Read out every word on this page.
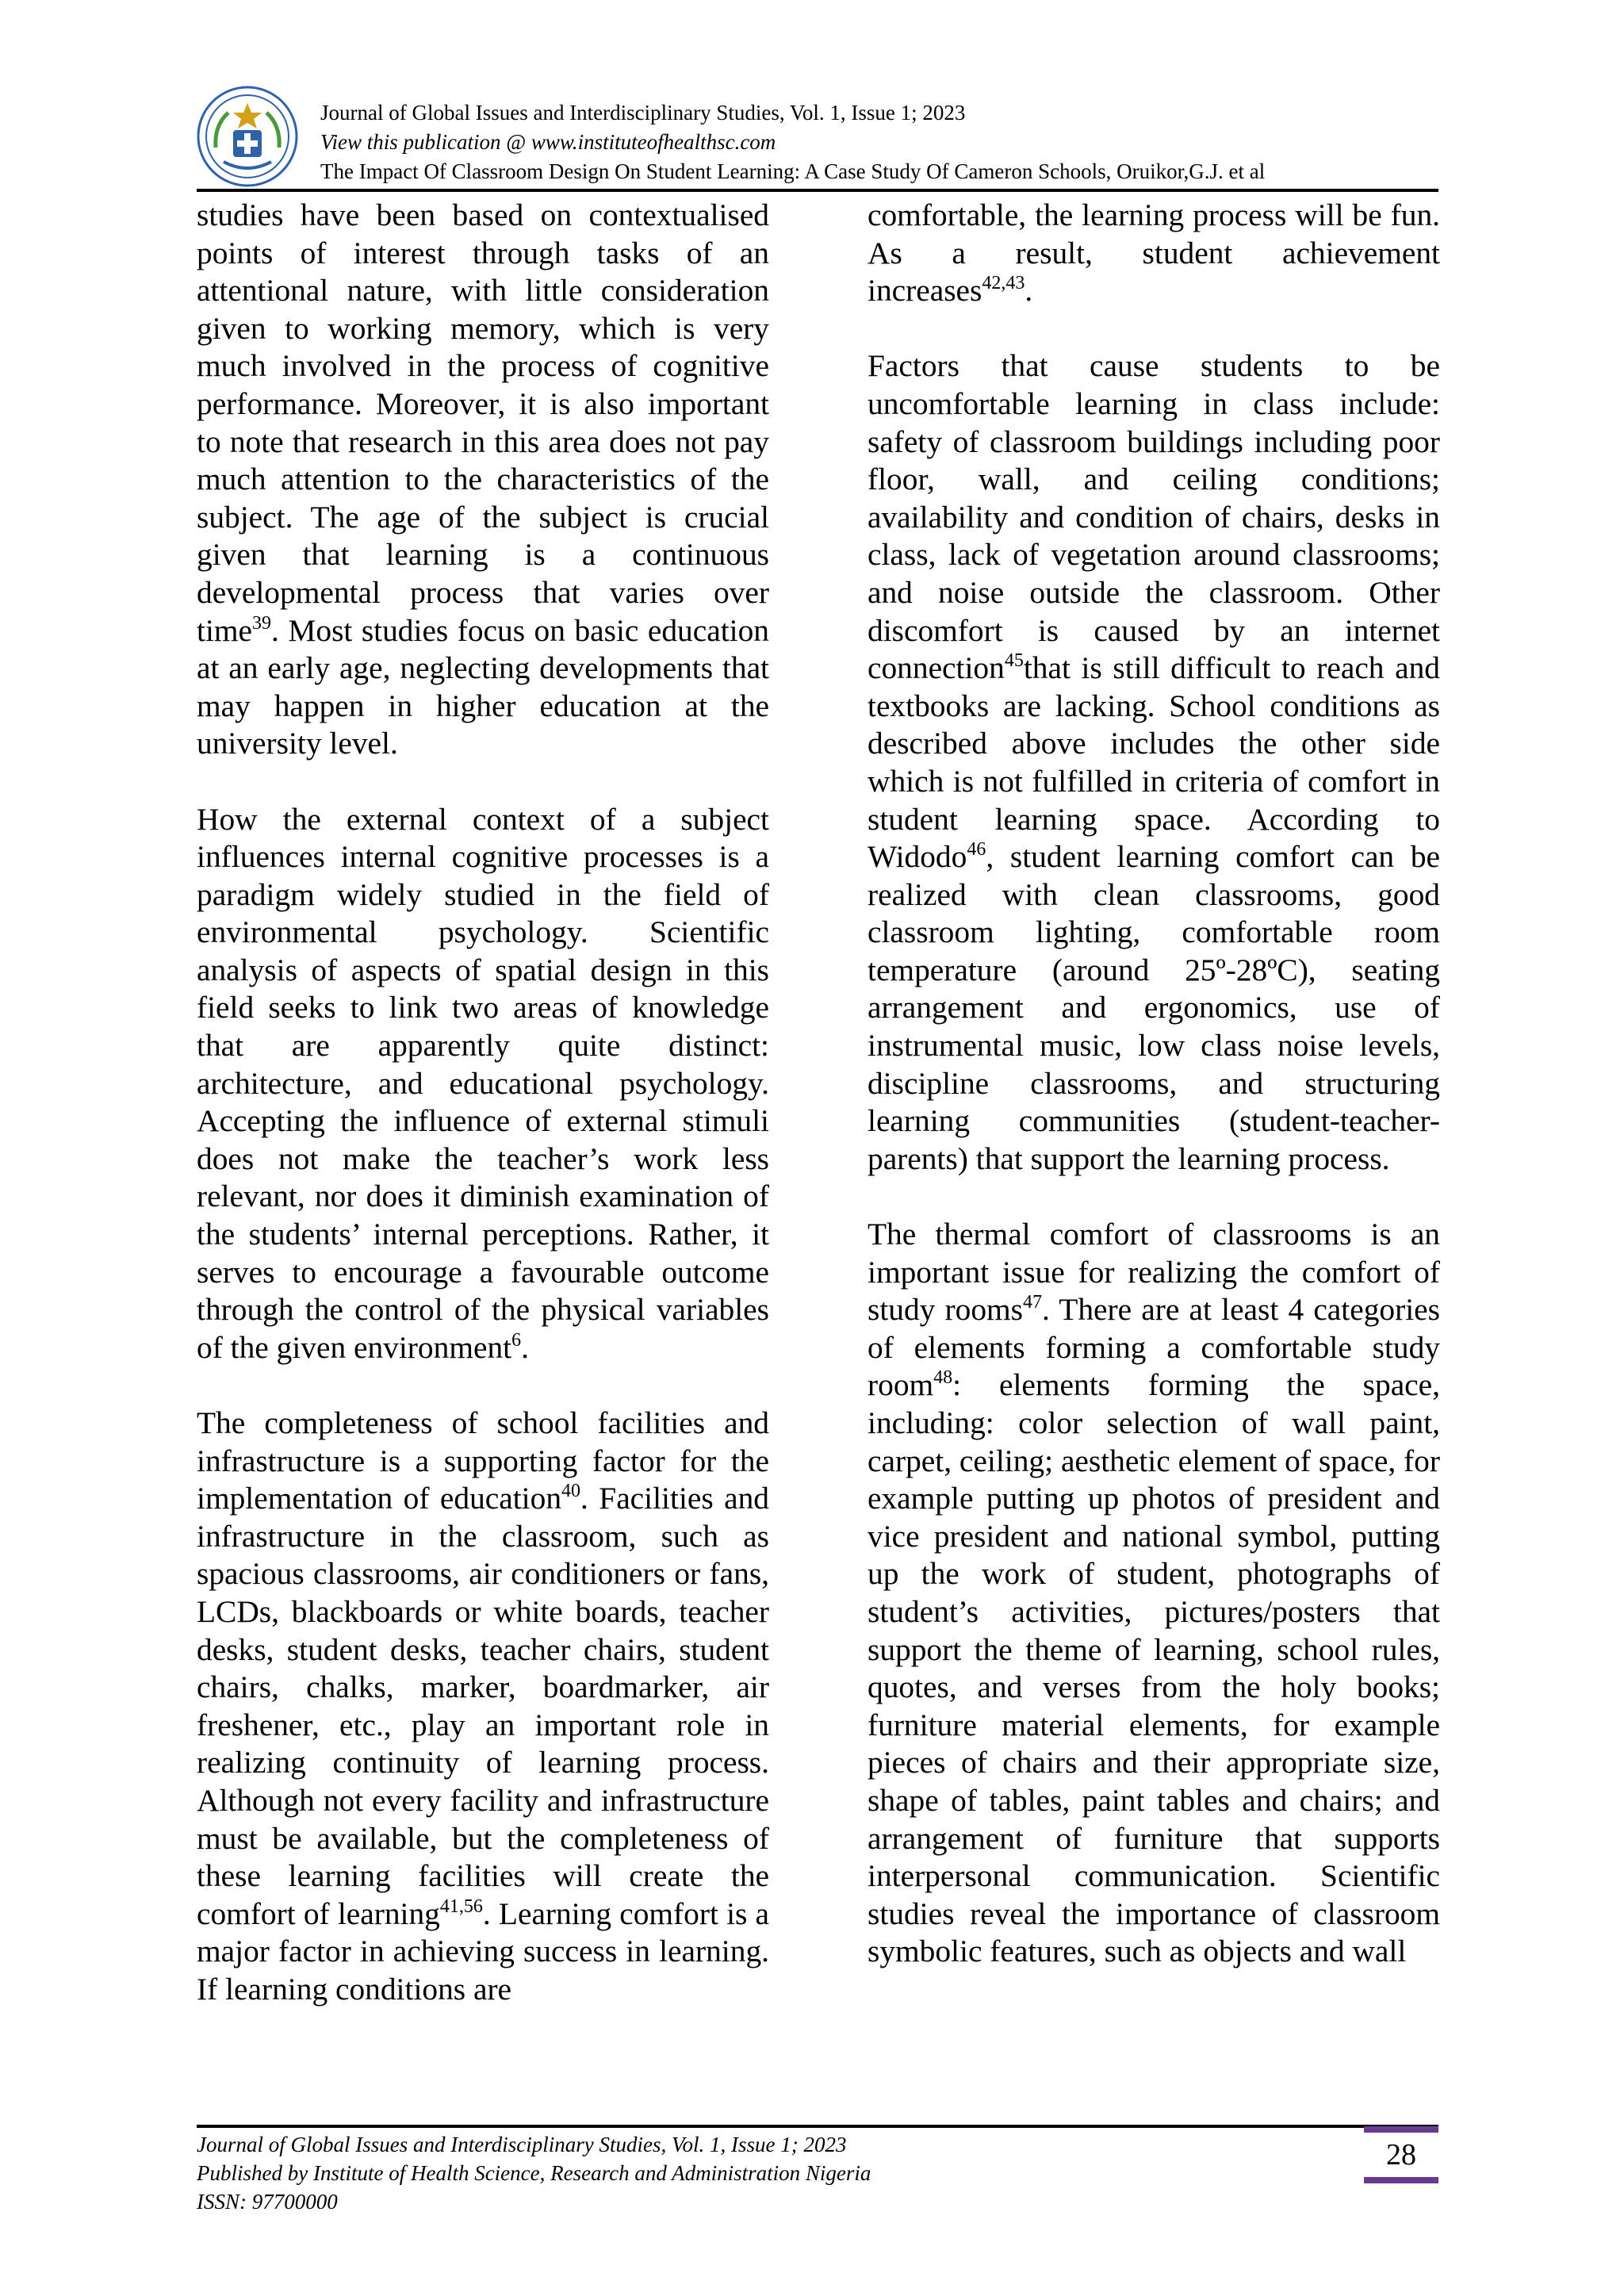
Journal of Global Issues and Interdisciplinary Studies, Vol. 1, Issue 1; 2023
View this publication @ www.instituteofhealthsc.com
The Impact Of Classroom Design On Student Learning: A Case Study Of Cameron Schools, Oruikor,G.J. et al

studies have been based on contextualised points of interest through tasks of an attentional nature, with little consideration given to working memory, which is very much involved in the process of cognitive performance. Moreover, it is also important to note that research in this area does not pay much attention to the characteristics of the subject. The age of the subject is crucial given that learning is a continuous developmental process that varies over time$^{39}$. Most studies focus on basic education at an early age, neglecting developments that may happen in higher education at the university level.

How the external context of a subject influences internal cognitive processes is a paradigm widely studied in the field of environmental psychology. Scientific analysis of aspects of spatial design in this field seeks to link two areas of knowledge that are apparently quite distinct: architecture, and educational psychology. Accepting the influence of external stimuli does not make the teacher’s work less relevant, nor does it diminish examination of the students’ internal perceptions. Rather, it serves to encourage a favourable outcome through the control of the physical variables of the given environment$^6$.

The completeness of school facilities and infrastructure is a supporting factor for the implementation of education$^{40}$. Facilities and infrastructure in the classroom, such as spacious classrooms, air conditioners or fans, LCDs, blackboards or white boards, teacher desks, student desks, teacher chairs, student chairs, chalks, marker, boardmarker, air freshener, etc., play an important role in realizing continuity of learning process. Although not every facility and infrastructure must be available, but the completeness of these learning facilities will create the comfort of learning$^{41,56}$. Learning comfort is a major factor in achieving success in learning. If learning conditions are

comfortable, the learning process will be fun. As a result, student achievement increases$^{42,43}$.

Factors that cause students to be uncomfortable learning in class include: safety of classroom buildings including poor floor, wall, and ceiling conditions; availability and condition of chairs, desks in class, lack of vegetation around classrooms; and noise outside the classroom. Other discomfort is caused by an internet connection$^{45}$that is still difficult to reach and textbooks are lacking. School conditions as described above includes the other side which is not fulfilled in criteria of comfort in student learning space. According to Widodo$^{46}$, student learning comfort can be realized with clean classrooms, good classroom lighting, comfortable room temperature (around 25º-28ºC), seating arrangement and ergonomics, use of instrumental music, low class noise levels, discipline classrooms, and structuring learning communities (student-teacher-parents) that support the learning process.

The thermal comfort of classrooms is an important issue for realizing the comfort of study rooms$^{47}$. There are at least 4 categories of elements forming a comfortable study room$^{48}$: elements forming the space, including: color selection of wall paint, carpet, ceiling; aesthetic element of space, for example putting up photos of president and vice president and national symbol, putting up the work of student, photographs of student’s activities, pictures/posters that support the theme of learning, school rules, quotes, and verses from the holy books; furniture material elements, for example pieces of chairs and their appropriate size, shape of tables, paint tables and chairs; and arrangement of furniture that supports interpersonal communication. Scientific studies reveal the importance of classroom symbolic features, such as objects and wall

Journal of Global Issues and Interdisciplinary Studies, Vol. 1, Issue 1; 2023
Published by Institute of Health Science, Research and Administration Nigeria
ISSN: 97700000
28
